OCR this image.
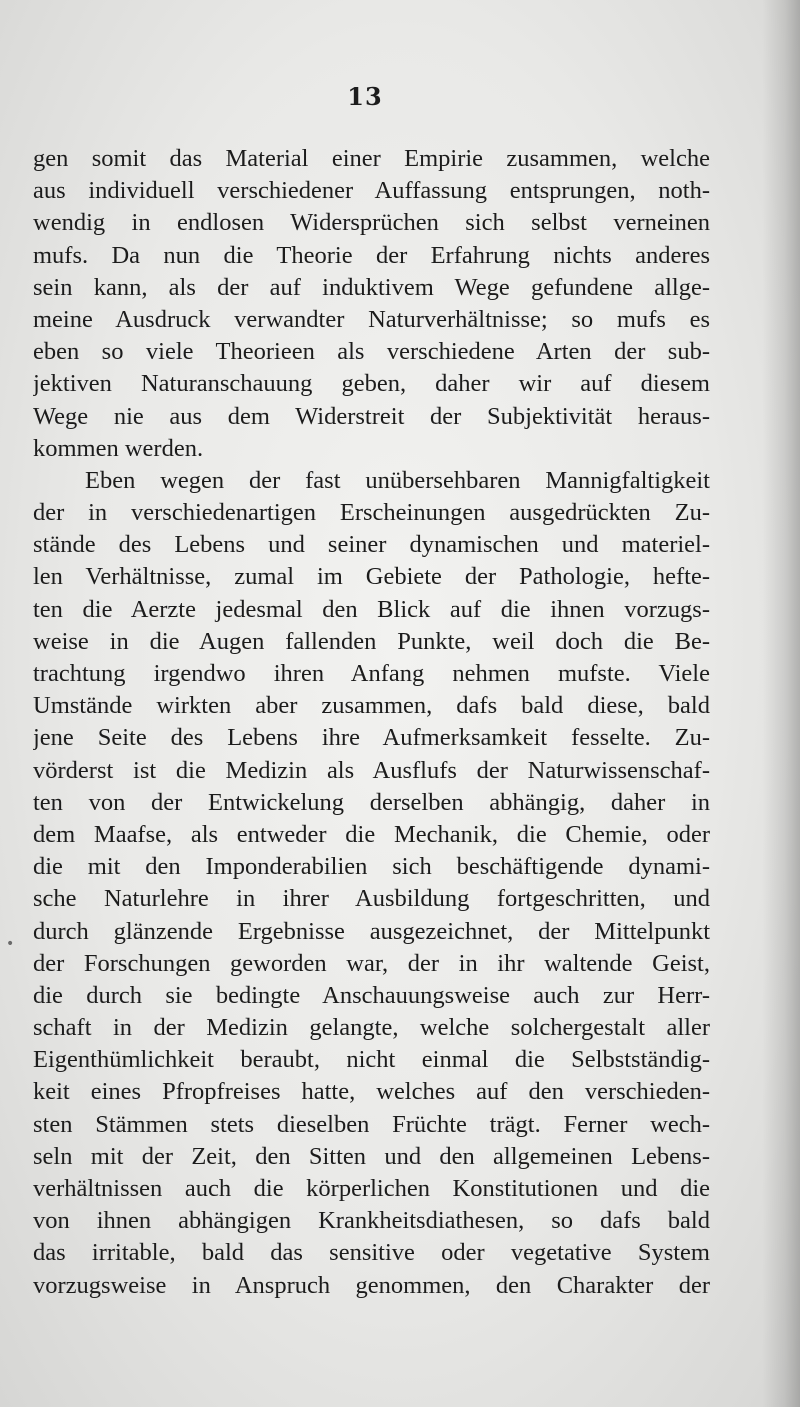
13
gen somit das Material einer Empirie zusammen, welche
aus individuell verschiedener Auffassung entsprungen, noth-
wendig in endlosen Widersprüchen sich selbst verneinen
mufs. Da nun die Theorie der Erfahrung nichts anderes
sein kann, als der auf induktivem Wege gefundene allge-
meine Ausdruck verwandter Naturverhältnisse; so mufs es
eben so viele Theorieen als verschiedene Arten der sub-
jektiven Naturanschauung geben, daher wir auf diesem
Wege nie aus dem Widerstreit der Subjektivität heraus-
kommen werden.
Eben wegen der fast unübersehbaren Mannigfaltigkeit
der in verschiedenartigen Erscheinungen ausgedrückten Zu-
stände des Lebens und seiner dynamischen und materiel-
len Verhältnisse, zumal im Gebiete der Pathologie, hefte-
ten die Aerzte jedesmal den Blick auf die ihnen vorzugs-
weise in die Augen fallenden Punkte, weil doch die Be-
trachtung irgendwo ihren Anfang nehmen mufste. Viele
Umstände wirkten aber zusammen, dafs bald diese, bald
jene Seite des Lebens ihre Aufmerksamkeit fesselte. Zu-
vörderst ist die Medizin als Ausflufs der Naturwissenschaf-
ten von der Entwickelung derselben abhängig, daher in
dem Maafse, als entweder die Mechanik, die Chemie, oder
die mit den Imponderabilien sich beschäftigende dynami-
sche Naturlehre in ihrer Ausbildung fortgeschritten, und
durch glänzende Ergebnisse ausgezeichnet, der Mittelpunkt
der Forschungen geworden war, der in ihr waltende Geist,
die durch sie bedingte Anschauungsweise auch zur Herr-
schaft in der Medizin gelangte, welche solchergestalt aller
Eigenthümlichkeit beraubt, nicht einmal die Selbstständig-
keit eines Pfropfreises hatte, welches auf den verschieden-
sten Stämmen stets dieselben Früchte trägt. Ferner wech-
seln mit der Zeit, den Sitten und den allgemeinen Lebens-
verhältnissen auch die körperlichen Konstitutionen und die
von ihnen abhängigen Krankheitsdiathesen, so dafs bald
das irritable, bald das sensitive oder vegetative System
vorzugsweise in Anspruch genommen, den Charakter der
•
